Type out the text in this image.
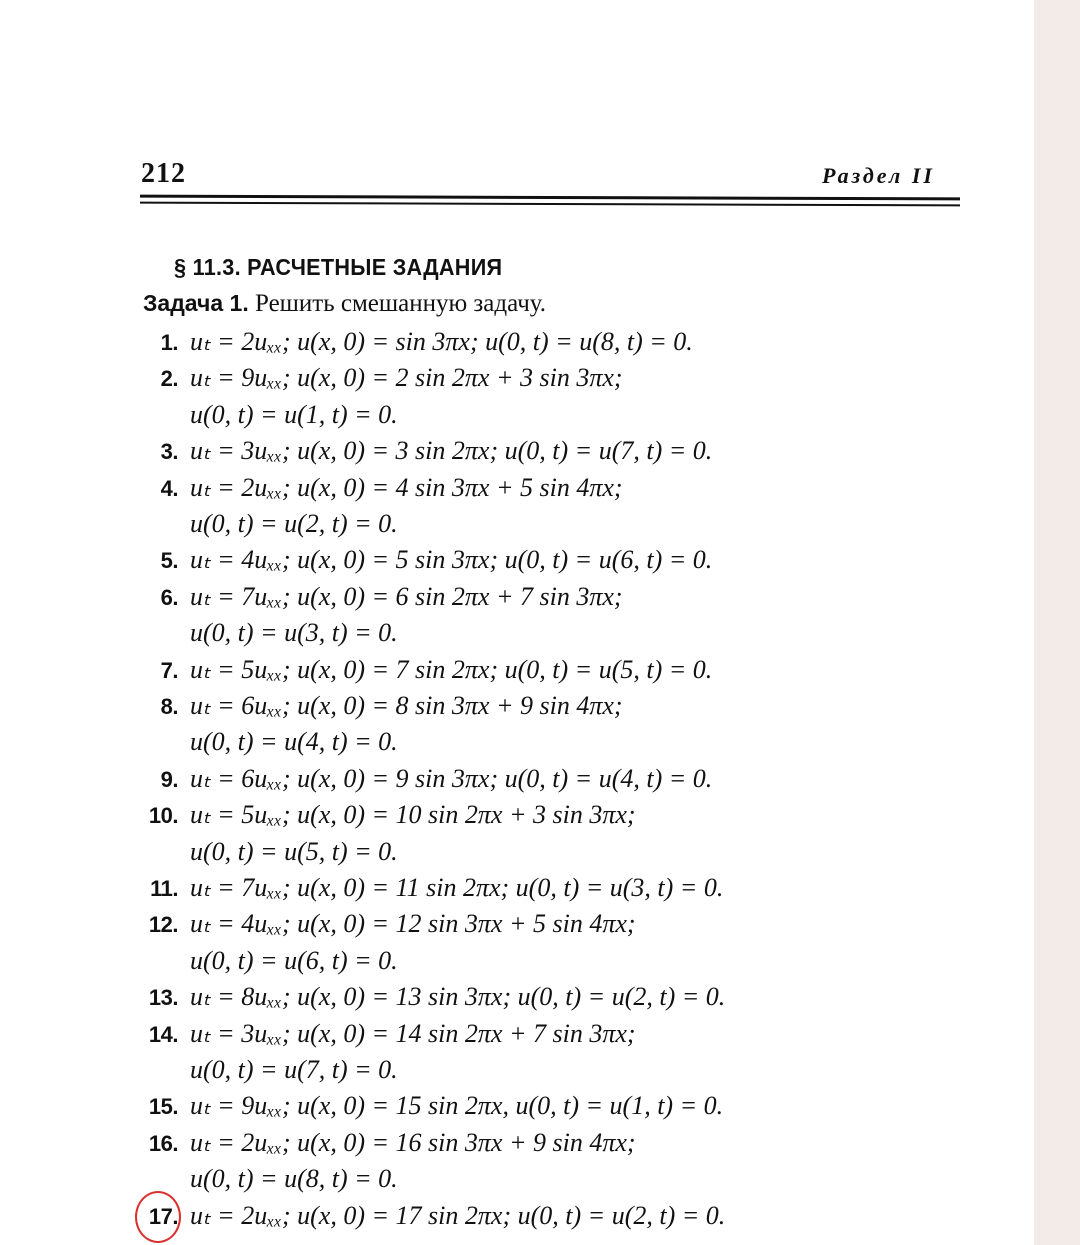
212	Раздел II
§ 11.3. РАСЧЕТНЫЕ ЗАДАНИЯ
Задача 1. Решить смешанную задачу.
1. uₜ = 2uₓₓ; u(x, 0) = sin 3πx; u(0, t) = u(8, t) = 0.
2. uₜ = 9uₓₓ; u(x, 0) = 2 sin 2πx + 3 sin 3πx;
u(0, t) = u(1, t) = 0.
3. uₜ = 3uₓₓ; u(x, 0) = 3 sin 2πx; u(0, t) = u(7, t) = 0.
4. uₜ = 2uₓₓ; u(x, 0) = 4 sin 3πx + 5 sin 4πx;
u(0, t) = u(2, t) = 0.
5. uₜ = 4uₓₓ; u(x, 0) = 5 sin 3πx; u(0, t) = u(6, t) = 0.
6. uₜ = 7uₓₓ; u(x, 0) = 6 sin 2πx + 7 sin 3πx;
u(0, t) = u(3, t) = 0.
7. uₜ = 5uₓₓ; u(x, 0) = 7 sin 2πx; u(0, t) = u(5, t) = 0.
8. uₜ = 6uₓₓ; u(x, 0) = 8 sin 3πx + 9 sin 4πx;
u(0, t) = u(4, t) = 0.
9. uₜ = 6uₓₓ; u(x, 0) = 9 sin 3πx; u(0, t) = u(4, t) = 0.
10. uₜ = 5uₓₓ; u(x, 0) = 10 sin 2πx + 3 sin 3πx;
u(0, t) = u(5, t) = 0.
11. uₜ = 7uₓₓ; u(x, 0) = 11 sin 2πx; u(0, t) = u(3, t) = 0.
12. uₜ = 4uₓₓ; u(x, 0) = 12 sin 3πx + 5 sin 4πx;
u(0, t) = u(6, t) = 0.
13. uₜ = 8uₓₓ; u(x, 0) = 13 sin 3πx; u(0, t) = u(2, t) = 0.
14. uₜ = 3uₓₓ; u(x, 0) = 14 sin 2πx + 7 sin 3πx;
u(0, t) = u(7, t) = 0.
15. uₜ = 9uₓₓ; u(x, 0) = 15 sin 2πx, u(0, t) = u(1, t) = 0.
16. uₜ = 2uₓₓ; u(x, 0) = 16 sin 3πx + 9 sin 4πx;
u(0, t) = u(8, t) = 0.
17. uₜ = 2uₓₓ; u(x, 0) = 17 sin 2πx; u(0, t) = u(2, t) = 0.
